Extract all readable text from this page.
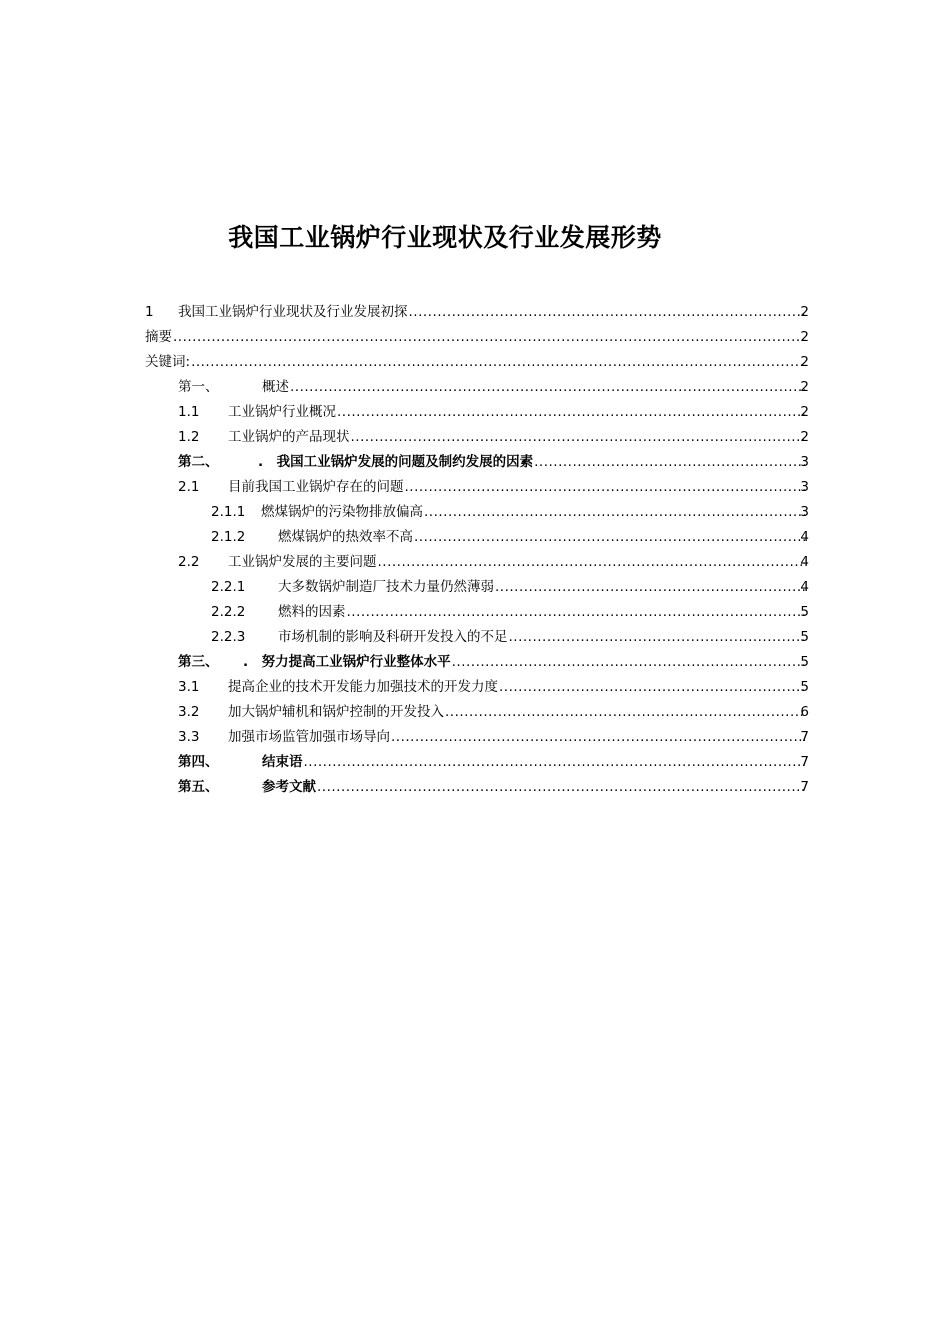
我国工业锅炉行业现状及行业发展形势
1 我国工业锅炉行业现状及行业发展初探 .....	2
摘要 .....	2
关键词: .....	2
第一、	概述 .....	2
1.1 工业锅炉行业概况 .....	2
1.2 工业锅炉的产品现状 .....	2
第二、	.　我国工业锅炉发展的问题及制约发展的因素 .....	3
2.1 目前我国工业锅炉存在的问题 .....	3
2.1.1 燃煤锅炉的污染物排放偏高 .....	3
2.1.2 燃煤锅炉的热效率不高 .....	4
2.2 工业锅炉发展的主要问题 .....	4
2.2.1 大多数锅炉制造厂技术力量仍然薄弱 .....	4
2.2.2 燃料的因素 .....	5
2.2.3 市场机制的影响及科研开发投入的不足 .....	5
第三、 .　努力提高工业锅炉行业整体水平 .....	5
3.1 提高企业的技术开发能力加强技术的开发力度 .....	5
3.2 加大锅炉辅机和锅炉控制的开发投入 .....	6
3.3 加强市场监管加强市场导向 .....	7
第四、	结束语 .....	7
第五、	参考文献 .....	7
